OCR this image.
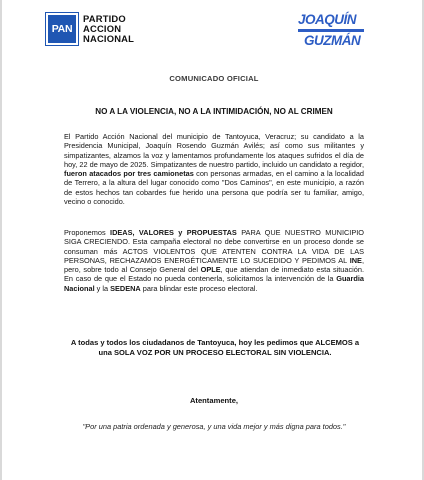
PAN
PARTIDO
ACCION
NACIONAL
JOAQUÍN
GUZMÁN
COMUNICADO OFICIAL
NO A LA VIOLENCIA, NO A LA INTIMIDACIÓN, NO AL CRIMEN
El Partido Acción Nacional del municipio de Tantoyuca, Veracruz; su candidato a la Presidencia Municipal, Joaquín Rosendo Guzmán Avilés; así como sus militantes y simpatizantes, alzamos la voz y lamentamos profundamente los ataques sufridos el día de hoy, 22 de mayo de 2025. Simpatizantes de nuestro partido, incluido un candidato a regidor, fueron atacados por tres camionetas con personas armadas, en el camino a la localidad de Terrero, a la altura del lugar conocido como "Dos Caminos", en este municipio, a razón de estos hechos tan cobardes fue herido una persona que podría ser tu familiar, amigo, vecino o conocido.
Proponemos IDEAS, VALORES y PROPUESTAS PARA QUE NUESTRO MUNICIPIO SIGA CRECIENDO. Esta campaña electoral no debe convertirse en un proceso donde se consuman más ACTOS VIOLENTOS QUE ATENTEN CONTRA LA VIDA DE LAS PERSONAS, RECHAZAMOS ENERGÉTICAMENTE LO SUCEDIDO Y PEDIMOS AL INE, pero, sobre todo al Consejo General del OPLE, que atiendan de inmediato esta situación. En caso de que el Estado no pueda contenerla, solicitamos la intervención de la Guardia Nacional y la SEDENA para blindar este proceso electoral.
A todas y todos los ciudadanos de Tantoyuca, hoy les pedimos que ALCEMOS a una SOLA VOZ POR UN PROCESO ELECTORAL SIN VIOLENCIA.
Atentamente,
"Por una patria ordenada y generosa, y una vida mejor y más digna para todos."
